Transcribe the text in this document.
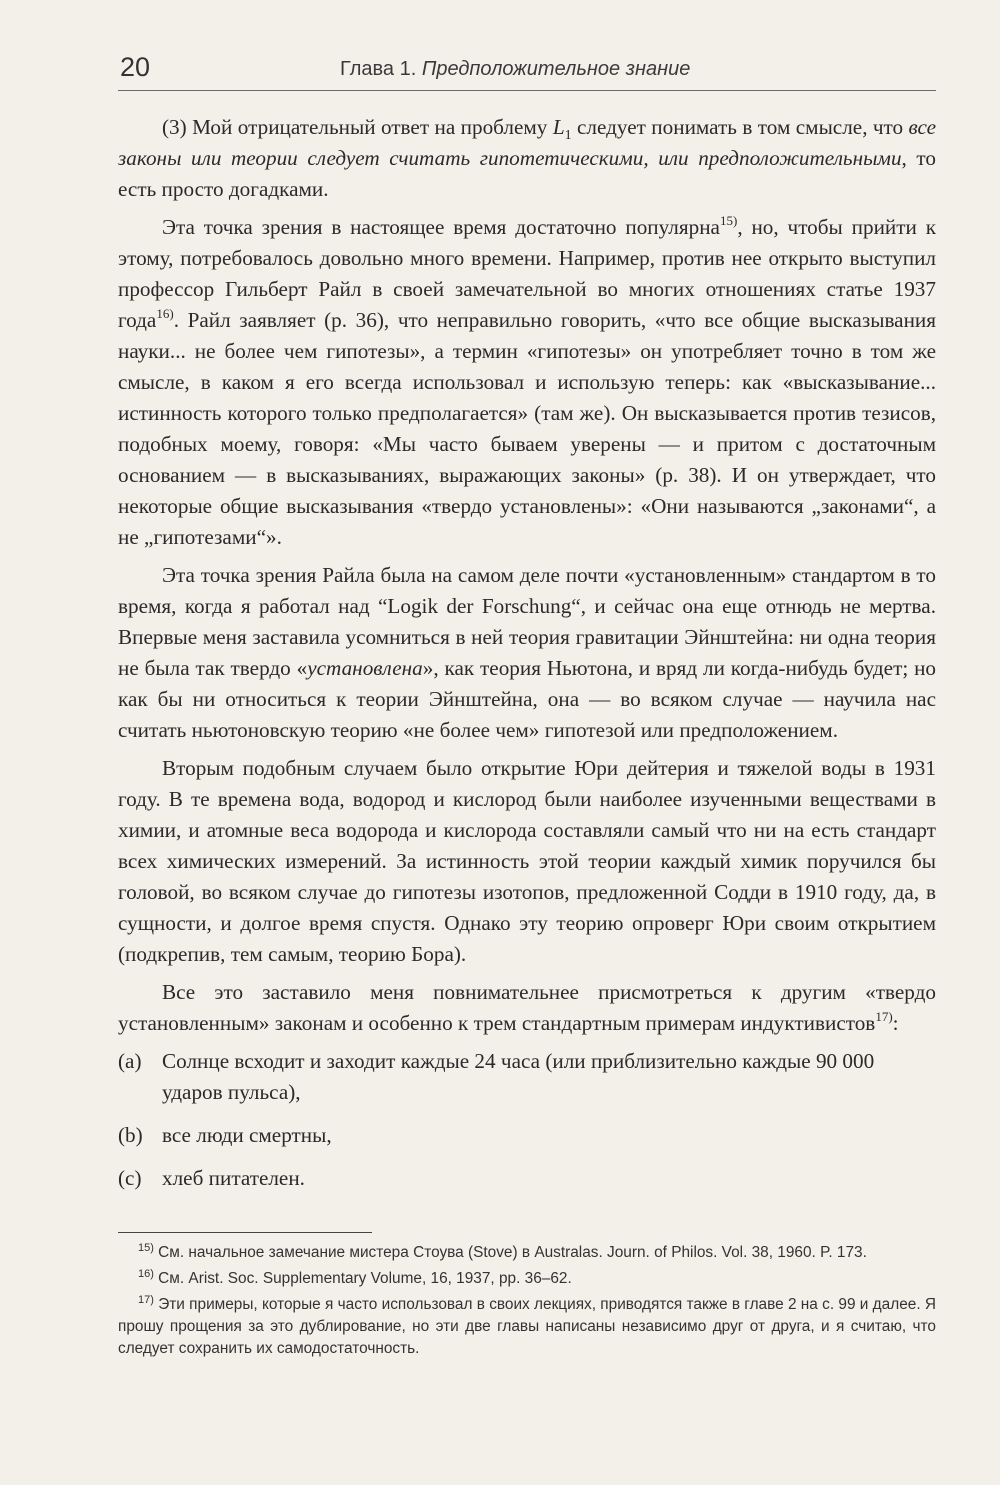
20	Глава 1. Предположительное знание

(3) Мой отрицательный ответ на проблему $L_1$ следует понимать в том смысле, что все законы или теории следует считать гипотетическими, или предположительными, то есть просто догадками.

Эта точка зрения в настоящее время достаточно популярна$^{15)}$, но, чтобы прийти к этому, потребовалось довольно много времени. Например, против нее открыто выступил профессор Гильберт Райл в своей замечательной во многих отношениях статье 1937 года$^{16)}$. Райл заявляет (p. 36), что неправильно говорить, «что все общие высказывания науки... не более чем гипотезы», а термин «гипотезы» он употребляет точно в том же смысле, в каком я его всегда использовал и использую теперь: как «высказывание... истинность которого только предполагается» (там же). Он высказывается против тезисов, подобных моему, говоря: «Мы часто бываем уверены — и притом с достаточным основанием — в высказываниях, выражающих законы» (p. 38). И он утверждает, что некоторые общие высказывания «твердо установлены»: «Они называются „законами“, а не „гипотезами“».

Эта точка зрения Райла была на самом деле почти «установленным» стандартом в то время, когда я работал над “Logik der Forschung“, и сейчас она еще отнюдь не мертва. Впервые меня заставила усомниться в ней теория гравитации Эйнштейна: ни одна теория не была так твердо «установлена», как теория Ньютона, и вряд ли когда-нибудь будет; но как бы ни относиться к теории Эйнштейна, она — во всяком случае — научила нас считать ньютоновскую теорию «не более чем» гипотезой или предположением.

Вторым подобным случаем было открытие Юри дейтерия и тяжелой воды в 1931 году. В те времена вода, водород и кислород были наиболее изученными веществами в химии, и атомные веса водорода и кислорода составляли самый что ни на есть стандарт всех химических измерений. За истинность этой теории каждый химик поручился бы головой, во всяком случае до гипотезы изотопов, предложенной Содди в 1910 году, да, в сущности, и долгое время спустя. Однако эту теорию опроверг Юри своим открытием (подкрепив, тем самым, теорию Бора).

Все это заставило меня повнимательнее присмотреться к другим «твердо установленным» законам и особенно к трем стандартным примерам индуктивистов$^{17)}$:

(a) Солнце всходит и заходит каждые 24 часа (или приблизительно каждые 90 000 ударов пульса),
(b) все люди смертны,
(c) хлеб питателен.

$^{15)}$ См. начальное замечание мистера Стоува (Stove) в Australas. Journ. of Philos. Vol. 38, 1960. P. 173.

$^{16)}$ См. Arist. Soc. Supplementary Volume, 16, 1937, pp. 36–62.

$^{17)}$ Эти примеры, которые я часто использовал в своих лекциях, приводятся также в главе 2 на с. 99 и далее. Я прошу прощения за это дублирование, но эти две главы написаны независимо друг от друга, и я считаю, что следует сохранить их самодостаточность.
